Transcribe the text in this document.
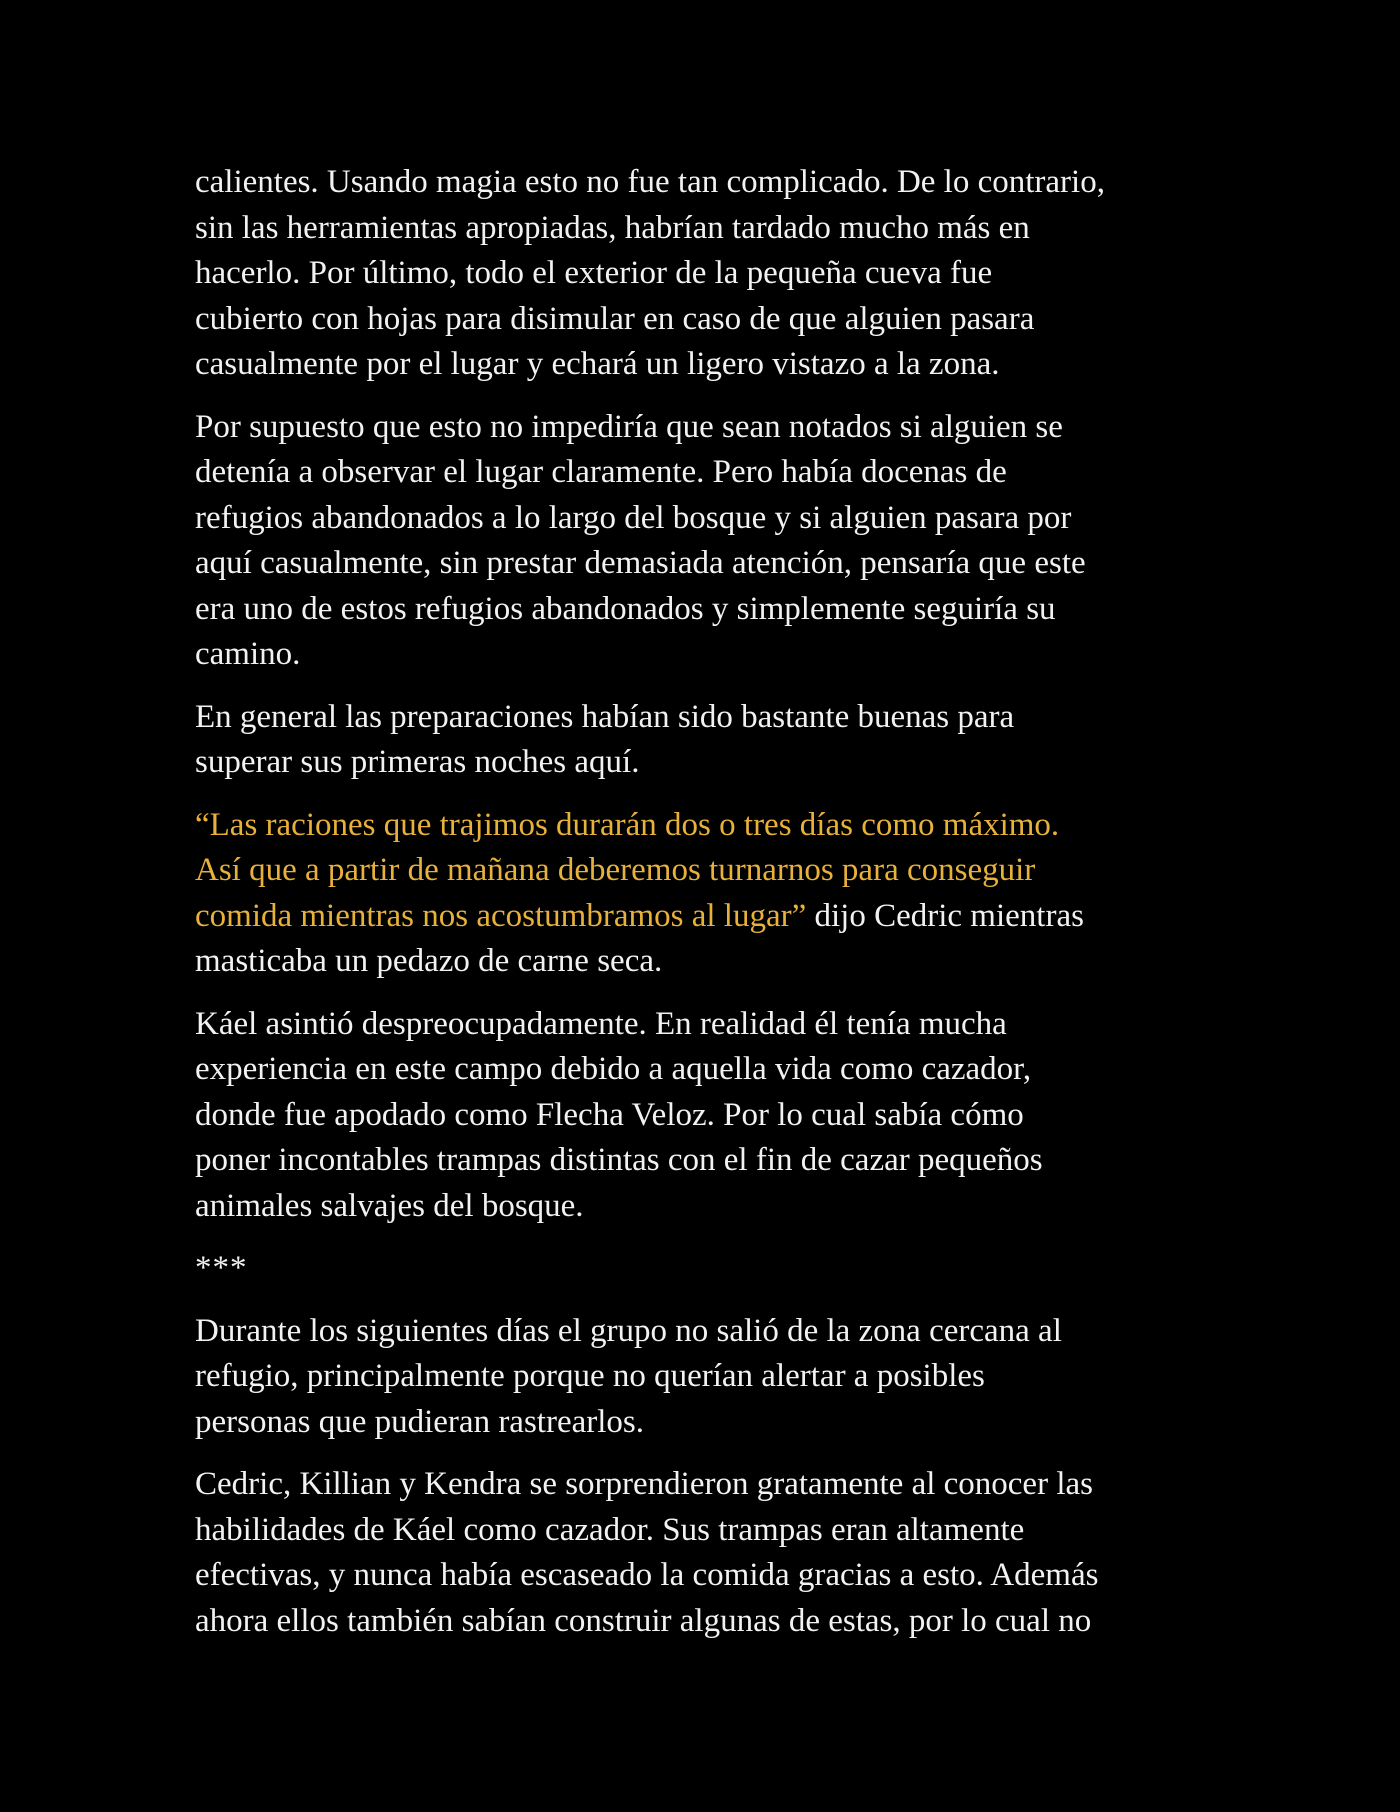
calientes. Usando magia esto no fue tan complicado. De lo contrario,
sin las herramientas apropiadas, habrían tardado mucho más en
hacerlo. Por último, todo el exterior de la pequeña cueva fue
cubierto con hojas para disimular en caso de que alguien pasara
casualmente por el lugar y echará un ligero vistazo a la zona.

Por supuesto que esto no impediría que sean notados si alguien se
detenía a observar el lugar claramente. Pero había docenas de
refugios abandonados a lo largo del bosque y si alguien pasara por
aquí casualmente, sin prestar demasiada atención, pensaría que este
era uno de estos refugios abandonados y simplemente seguiría su
camino.

En general las preparaciones habían sido bastante buenas para
superar sus primeras noches aquí.

“Las raciones que trajimos durarán dos o tres días como máximo.
Así que a partir de mañana deberemos turnarnos para conseguir
comida mientras nos acostumbramos al lugar” dijo Cedric mientras
masticaba un pedazo de carne seca.

Káel asintió despreocupadamente. En realidad él tenía mucha
experiencia en este campo debido a aquella vida como cazador,
donde fue apodado como Flecha Veloz. Por lo cual sabía cómo
poner incontables trampas distintas con el fin de cazar pequeños
animales salvajes del bosque.

***

Durante los siguientes días el grupo no salió de la zona cercana al
refugio, principalmente porque no querían alertar a posibles
personas que pudieran rastrearlos.

Cedric, Killian y Kendra se sorprendieron gratamente al conocer las
habilidades de Káel como cazador. Sus trampas eran altamente
efectivas, y nunca había escaseado la comida gracias a esto. Además
ahora ellos también sabían construir algunas de estas, por lo cual no
